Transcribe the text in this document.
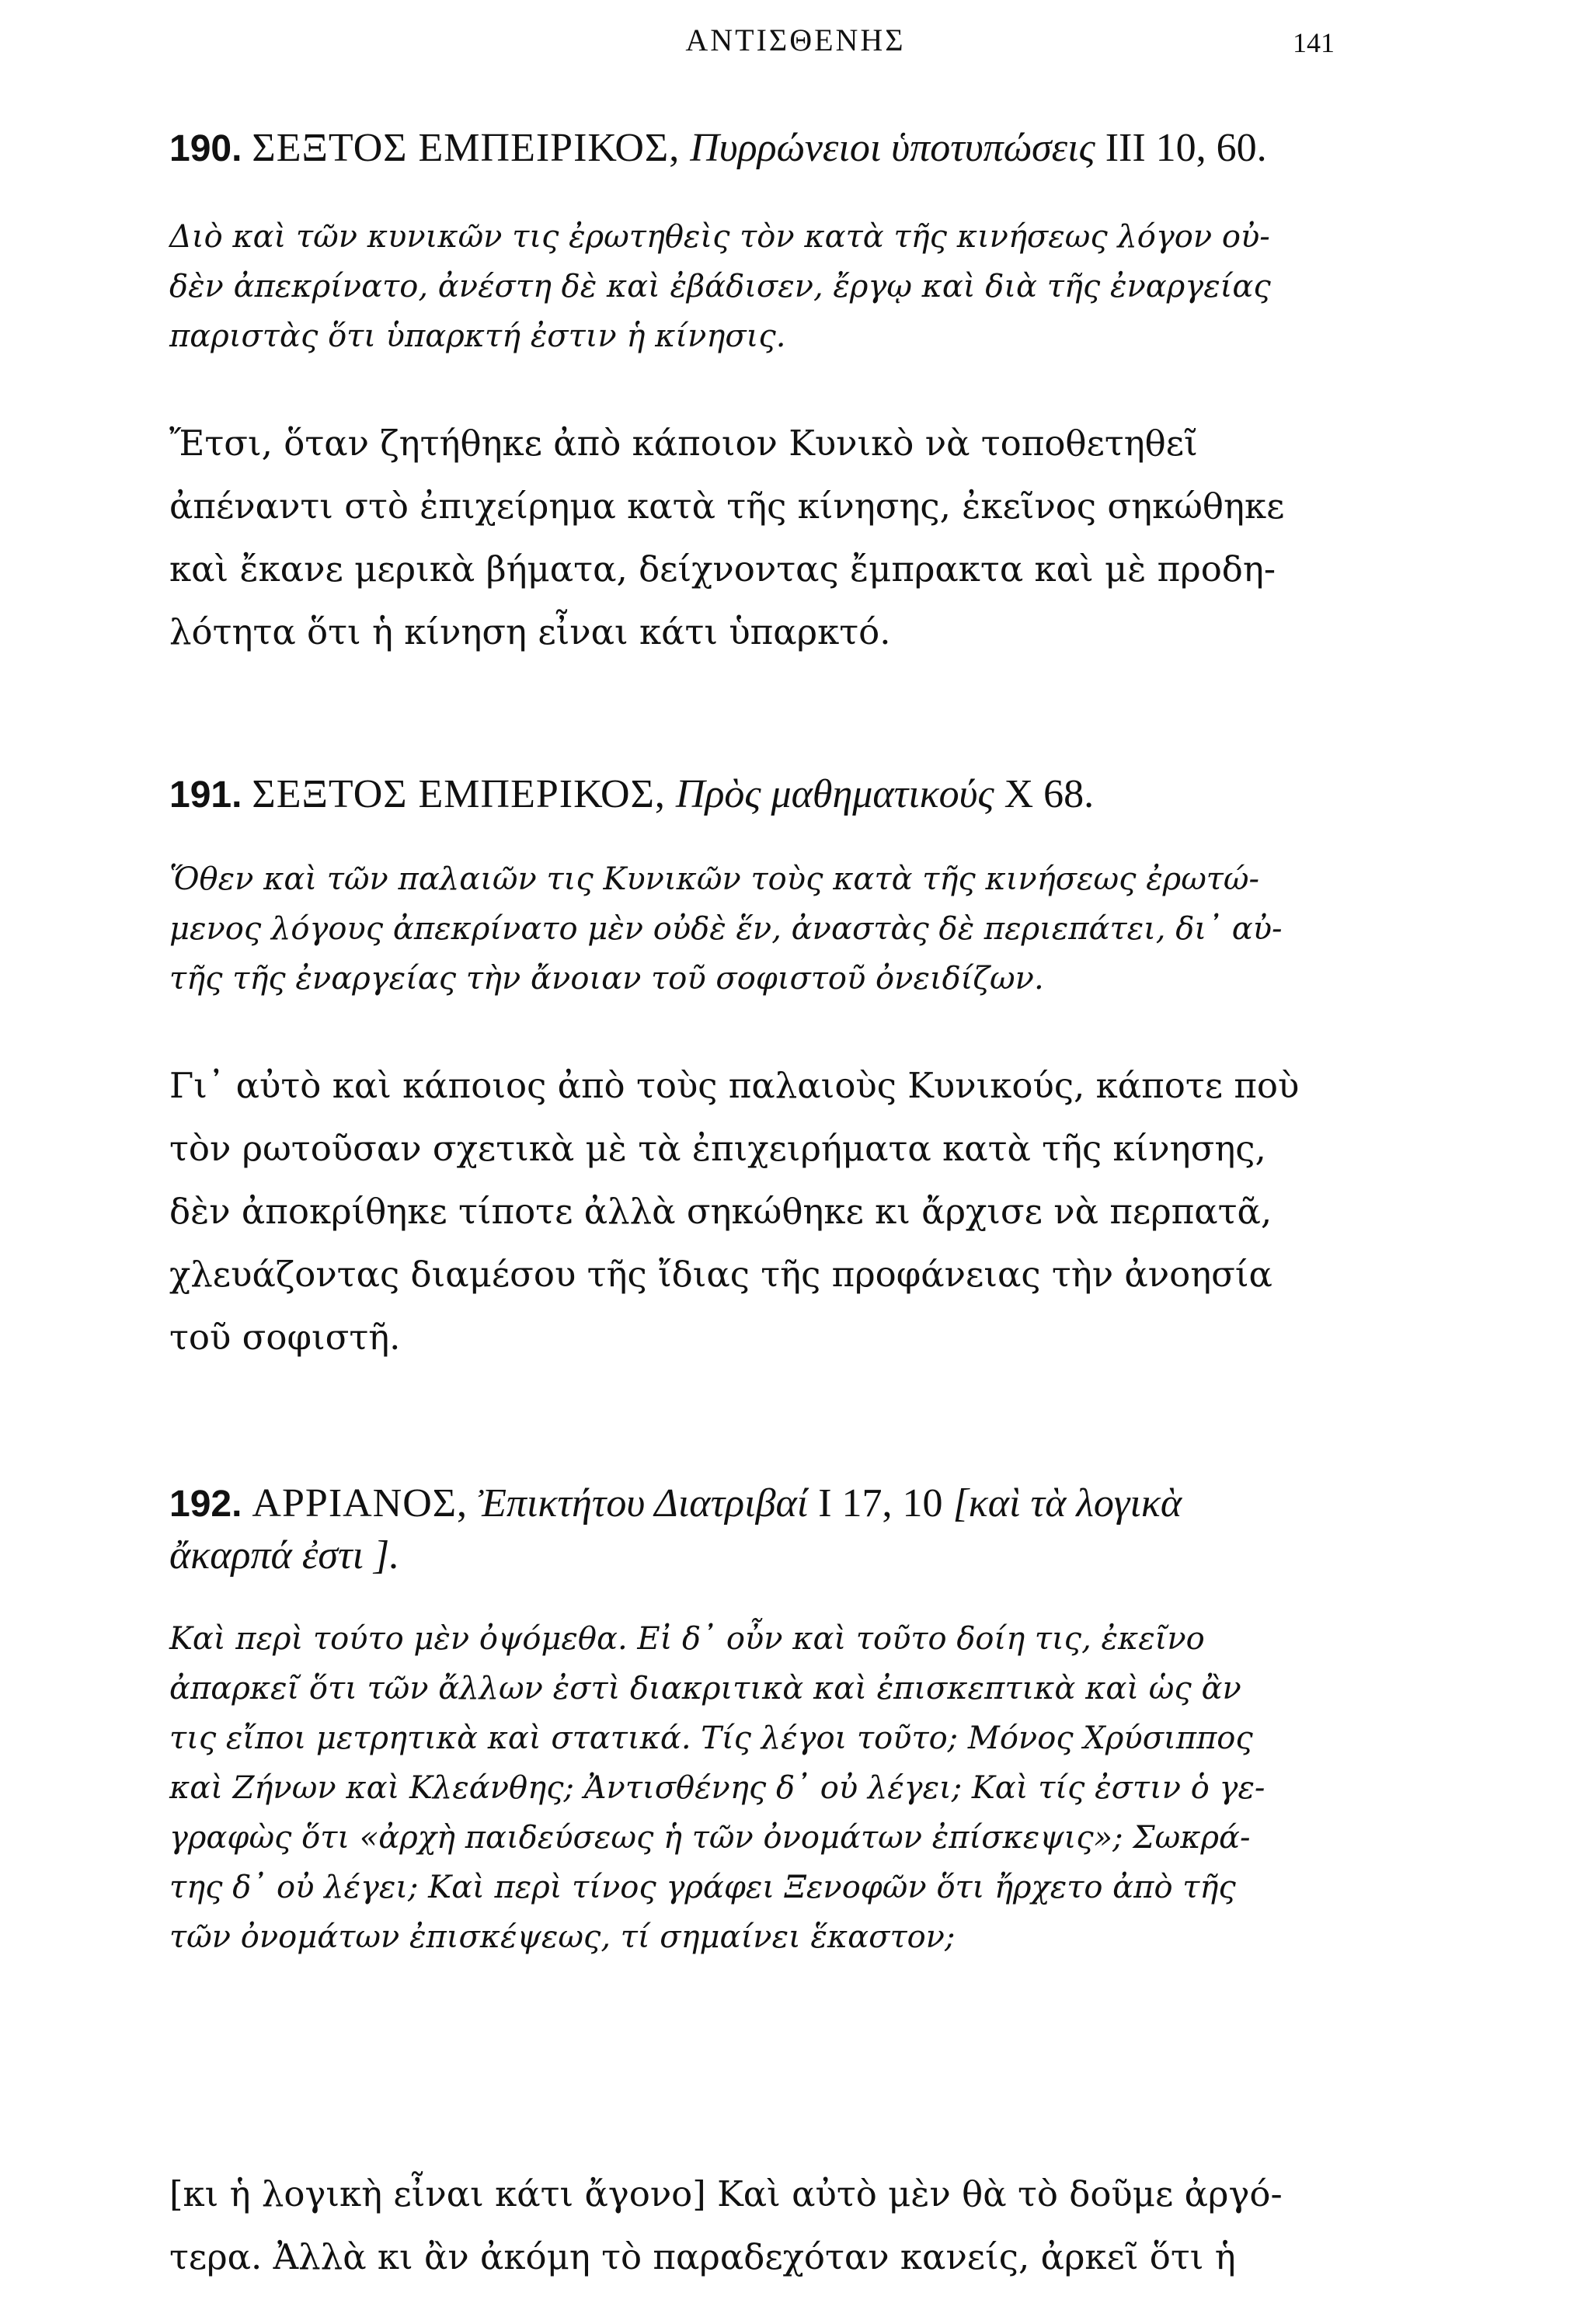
ΑΝΤΙΣΘΕΝΗΣ	141
190. ΣΕΞΤΟΣ ΕΜΠΕΙΡΙΚΟΣ, Πυρρώνειοι ὑποτυπώσεις III 10, 60.
Διὸ καὶ τῶν κυνικῶν τις ἐρωτηθεὶς τὸν κατὰ τῆς κινήσεως λόγον οὐ-
δὲν ἀπεκρίνατο, ἀνέστη δὲ καὶ ἐβάδισεν, ἔργῳ καὶ διὰ τῆς ἐναργείας
παριστὰς ὅτι ὑπαρκτή ἐστιν ἡ κίνησις.
Ἔτσι, ὅταν ζητήθηκε ἀπὸ κάποιον Κυνικὸ νὰ τοποθετηθεῖ
ἀπέναντι στὸ ἐπιχείρημα κατὰ τῆς κίνησης, ἐκεῖνος σηκώθηκε
καὶ ἔκανε μερικὰ βήματα, δείχνοντας ἔμπρακτα καὶ μὲ προδη-
λότητα ὅτι ἡ κίνηση εἶναι κάτι ὑπαρκτό.
191. ΣΕΞΤΟΣ ΕΜΠΕΡΙΚΟΣ, Πρὸς μαθηματικούς X 68.
Ὅθεν καὶ τῶν παλαιῶν τις Κυνικῶν τοὺς κατὰ τῆς κινήσεως ἐρωτώ-
μενος λόγους ἀπεκρίνατο μὲν οὐδὲ ἕν, ἀναστὰς δὲ περιεπάτει, δι᾽ αὐ-
τῆς τῆς ἐναργείας τὴν ἄνοιαν τοῦ σοφιστοῦ ὀνειδίζων.
Γι᾽ αὐτὸ καὶ κάποιος ἀπὸ τοὺς παλαιοὺς Κυνικούς, κάποτε ποὺ
τὸν ρωτοῦσαν σχετικὰ μὲ τὰ ἐπιχειρήματα κατὰ τῆς κίνησης,
δὲν ἀποκρίθηκε τίποτε ἀλλὰ σηκώθηκε κι ἄρχισε νὰ περπατᾶ,
χλευάζοντας διαμέσου τῆς ἴδιας τῆς προφάνειας τὴν ἀνοησία
τοῦ σοφιστῆ.
192. ΑΡΡΙΑΝΟΣ, Ἐπικτήτου Διατριβαί I 17, 10 [καὶ τὰ λογικὰ
ἄκαρπά ἐστι ].
Καὶ περὶ τούτο μὲν ὀψόμεθα. Εἰ δ᾽ οὖν καὶ τοῦτο δοίη τις, ἐκεῖνο
ἀπαρκεῖ ὅτι τῶν ἄλλων ἐστὶ διακριτικὰ καὶ ἐπισκεπτικὰ καὶ ὡς ἂν
τις εἴποι μετρητικὰ καὶ στατικά. Τίς λέγοι τοῦτο; Μόνος Χρύσιππος
καὶ Ζήνων καὶ Κλεάνθης; Ἀντισθένης δ᾽ οὐ λέγει; Καὶ τίς ἐστιν ὁ γε-
γραφὼς ὅτι «ἀρχὴ παιδεύσεως ἡ τῶν ὀνομάτων ἐπίσκεψις»; Σωκρά-
της δ᾽ οὐ λέγει; Καὶ περὶ τίνος γράφει Ξενοφῶν ὅτι ἤρχετο ἀπὸ τῆς
τῶν ὀνομάτων ἐπισκέψεως, τί σημαίνει ἕκαστον;
[κι ἡ λογικὴ εἶναι κάτι ἄγονο] Καὶ αὐτὸ μὲν θὰ τὸ δοῦμε ἀργό-
τερα. Ἀλλὰ κι ἂν ἀκόμη τὸ παραδεχόταν κανείς, ἀρκεῖ ὅτι ἡ
